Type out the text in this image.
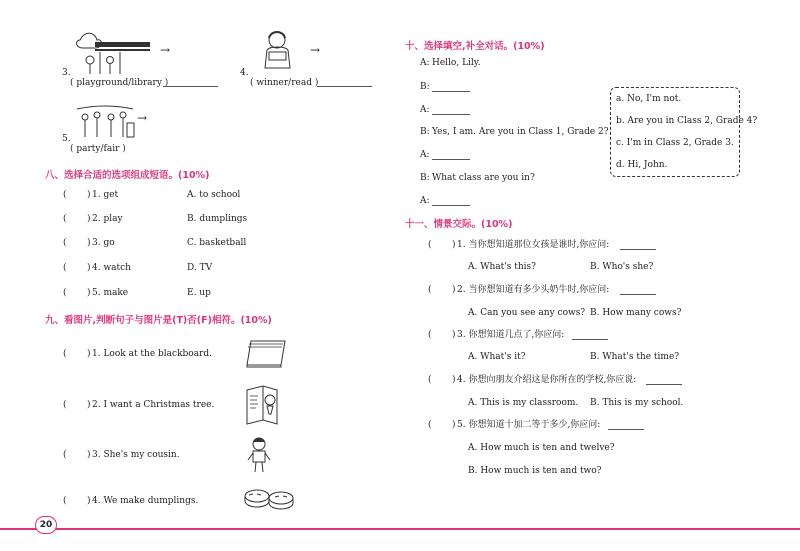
→
3.
( playground/library )
→
4.
( winner/read )
→
5.
( party/fair )
八、选择合适的选项组成短语。(10%)
( ) 1. get	A. to school
( ) 2. play	B. dumplings
( ) 3. go	C. basketball
( ) 4. watch	D. TV
( ) 5. make	E. up
九、看图片,判断句子与图片是(T)否(F)相符。(10%)
( ) 1. Look at the blackboard.
( ) 2. I want a Christmas tree.
( ) 3. She's my cousin.
( ) 4. We make dumplings.
20
十、选择填空,补全对话。(10%)
A: Hello, Lily.
B:
A:
B: Yes, I am. Are you in Class 1, Grade 2?
A:
B: What class are you in?
A:
a. No, I'm not.
b. Are you in Class 2, Grade 4?
c. I'm in Class 2, Grade 3.
d. Hi, John.
十一、情景交际。(10%)
( ) 1. 当你想知道那位女孩是谁时,你应问:
A. What's this?	B. Who's she?
( ) 2. 当你想知道有多少头奶牛时,你应问:
A. Can you see any cows? B. How many cows?
( ) 3. 你想知道几点了,你应问:
A. What's it?	B. What's the time?
( ) 4. 你想向朋友介绍这是你所在的学校,你应说:
A. This is my classroom. B. This is my school.
( ) 5. 你想知道十加二等于多少,你应问:
A. How much is ten and twelve?
B. How much is ten and two?
